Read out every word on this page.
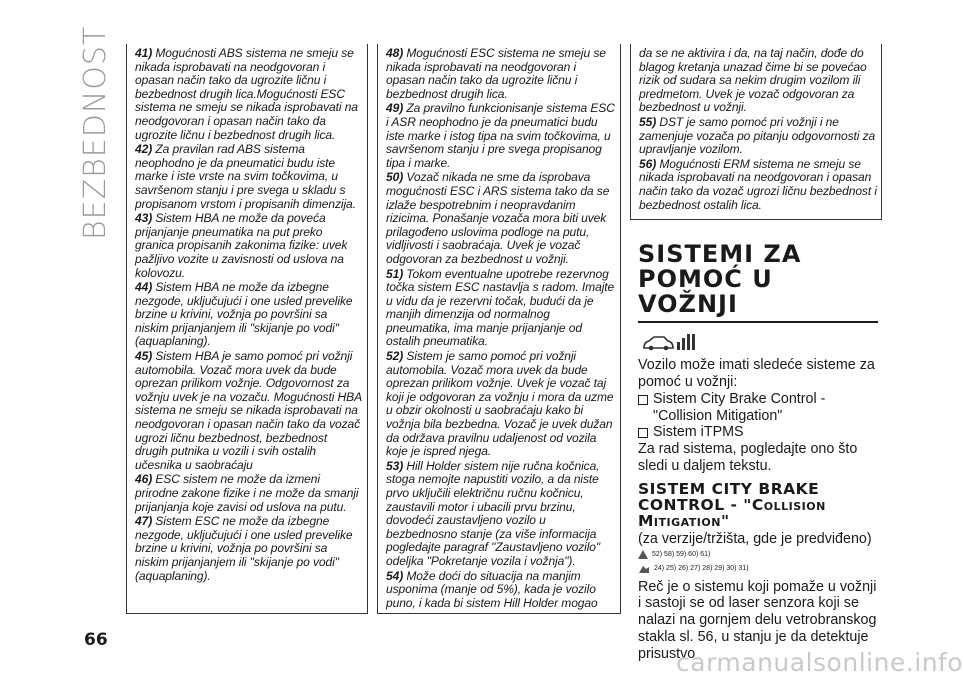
BEZBEDNOST	41) Mogućnosti ABS sistema ne smeju se nikada isprobavati na neodgovoran i opasan način tako da ugrozite ličnu i bezbednost drugih lica.Mogućnosti ESC sistema ne smeju se nikada isprobavati na neodgovoran i opasan način tako da ugrozite ličnu i bezbednost drugih lica.

42) Za pravilan rad ABS sistema neophodno je da pneumatici budu iste marke i iste vrste na svim točkovima, u savršenom stanju i pre svega u skladu s propisanom vrstom i propisanih dimenzija.

43) Sistem HBA ne može da poveća prijanjanje pneumatika na put preko granica propisanih zakonima fizike: uvek pažljivo vozite u zavisnosti od uslova na kolovozu.

44) Sistem HBA ne može da izbegne nezgode, uključujući i one usled prevelike brzine u krivini, vožnja po površini sa niskim prijanjanjem ili "skijanje po vodi" (aquaplaning).

45) Sistem HBA je samo pomoć pri vožnji automobila. Vozač mora uvek da bude oprezan prilikom vožnje. Odgovornost za vožnju uvek je na vozaču. Mogućnosti HBA sistema ne smeju se nikada isprobavati na neodgovoran i opasan način tako da vozač ugrozi ličnu bezbednost, bezbednost drugih putnika u vozili i svih ostalih učesnika u saobraćaju

46) ESC sistem ne može da izmeni prirodne zakone fizike i ne može da smanji prijanjanja koje zavisi od uslova na putu.

47) Sistem ESC ne može da izbegne nezgode, uključujući i one usled prevelike brzine u krivini, vožnja po površini sa niskim prijanjanjem ili "skijanje po vodi" (aquaplaning).

48) Mogućnosti ESC sistema ne smeju se nikada isprobavati na neodgovoran i opasan način tako da ugrozite ličnu i bezbednost drugih lica.

49) Za pravilno funkcionisanje sistema ESC i ASR neophodno je da pneumatici budu iste marke i istog tipa na svim točkovima, u savršenom stanju i pre svega propisanog tipa i marke.

50) Vozač nikada ne sme da isprobava mogućnosti ESC i ARS sistema tako da se izlaže bespotrebnim i neopravdanim rizicima. Ponašanje vozača mora biti uvek prilagođeno uslovima podloge na putu, vidljivosti i saobraćaja. Uvek je vozač odgovoran za bezbednost u vožnji.

51) Tokom eventualne upotrebe rezervnog točka sistem ESC nastavlja s radom. Imajte u vidu da je rezervni točak, budući da je manjih dimenzija od normalnog pneumatika, ima manje prijanjanje od ostalih pneumatika.

52) Sistem je samo pomoć pri vožnji automobila. Vozač mora uvek da bude oprezan prilikom vožnje. Uvek je vozač taj koji je odgovoran za vožnju i mora da uzme u obzir okolnosti u saobraćaju kako bi vožnja bila bezbedna. Vozač je uvek dužan da održava pravilnu udaljenost od vozila koje je ispred njega.

53) Hill Holder sistem nije ručna kočnica, stoga nemojte napustiti vozilo, a da niste prvo uključili električnu ručnu kočnicu, zaustavili motor i ubacili prvu brzinu, dovodeći zaustavljeno vozilo u bezbednosno stanje (za više informacija pogledajte paragraf "Zaustavljeno vozilo" odeljka "Pokretanje vozila i vožnja").

54) Može doći do situacija na manjim usponima (manje od 5%), kada je vozilo puno, i kada bi sistem Hill Holder mogao

da se ne aktivira i da, na taj način, dođe do blagog kretanja unazad čime bi se povećao rizik od sudara sa nekim drugim vozilom ili predmetom. Uvek je vozač odgovoran za bezbednost u vožnji.

55) DST je samo pomoć pri vožnji i ne zamenjuje vozača po pitanju odgovornosti za upravljanje vozilom.

56) Mogućnosti ERM sistema ne smeju se nikada isprobavati na neodgovoran i opasan način tako da vozač ugrozi ličnu bezbednost i bezbednost ostalih lica.

SISTEMI ZA POMOĆ U VOŽNJI

Vozilo može imati sledeće sisteme za pomoć u vožnji:

Sistem City Brake Control - "Collision Mitigation"
Sistem iTPMS

Za rad sistema, pogledajte ono što sledi u daljem tekstu.

SISTEM CITY BRAKE CONTROL - "Collision Mitigation"

(za verzije/tržišta, gde je predviđeno)

52) 58) 59) 60) 61)
24) 25) 26) 27) 28) 29) 30) 31)

Reč je o sistemu koji pomaže u vožnji i sastoji se od laser senzora koji se nalazi na gornjem delu vetrobranskog stakla sl. 56, u stanju je da detektuje prisustvo

66
carmanualsonline.info
